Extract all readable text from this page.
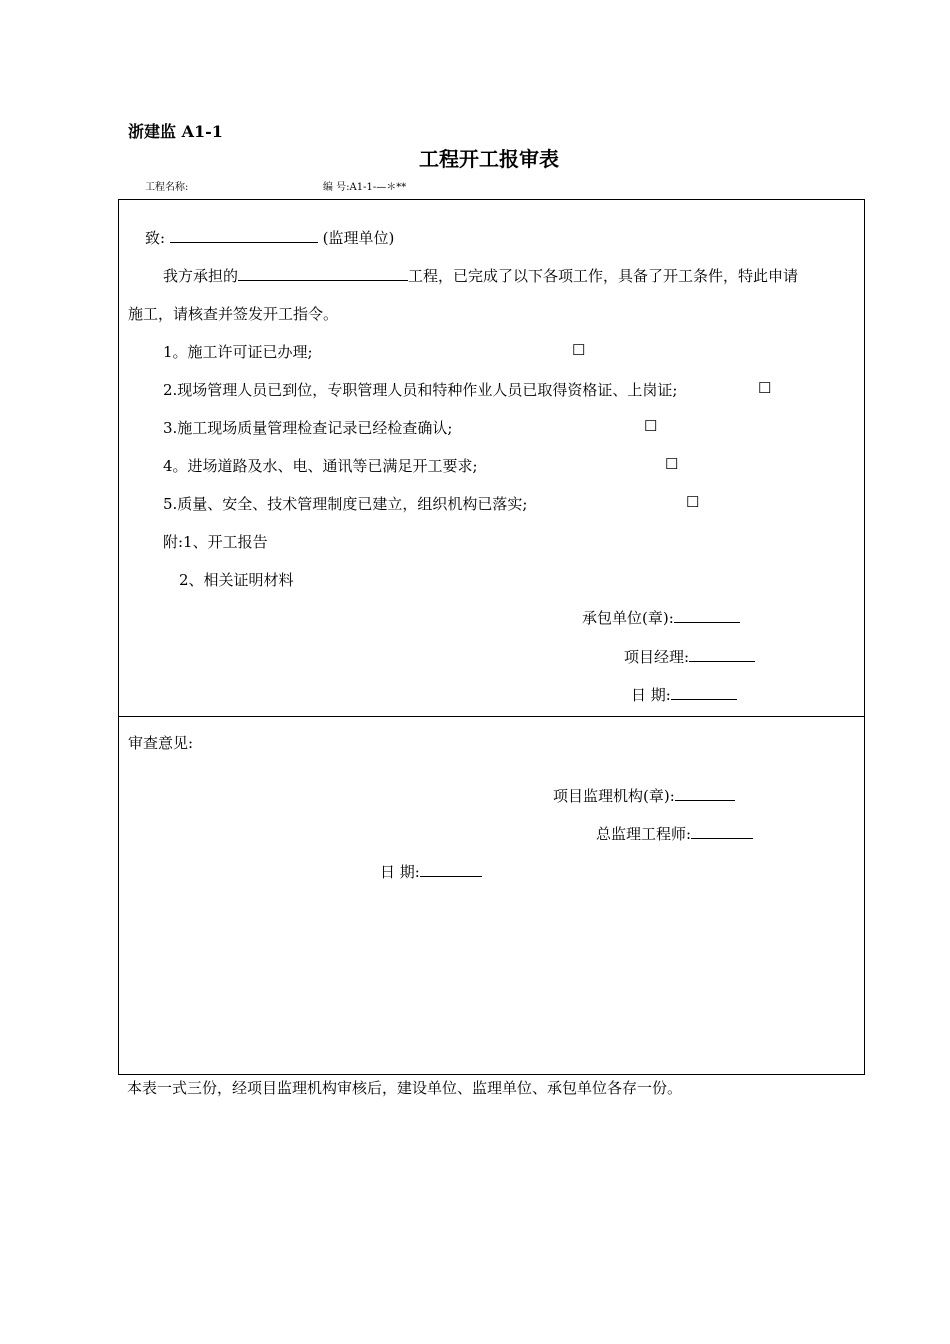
浙建监 A1-1
工程开工报审表
工程名称:	编 号:A1-1-—＊**
致:	(监理单位)
我方承担的	工程，已完成了以下各项工作，具备了开工条件，特此申请
施工，请核查并签发开工指令。
1。施工许可证已办理;	☐
2.现场管理人员已到位，专职管理人员和特种作业人员已取得资格证、上岗证;	☐
3.施工现场质量管理检查记录已经检查确认;	☐
4。进场道路及水、电、通讯等已满足开工要求;	☐
5.质量、安全、技术管理制度已建立，组织机构已落实;	☐
附:1、开工报告
2、相关证明材料
承包单位(章):
项目经理:
日 期:
审查意见:
项目监理机构(章):
总监理工程师:
日 期:
本表一式三份，经项目监理机构审核后，建设单位、监理单位、承包单位各存一份。
